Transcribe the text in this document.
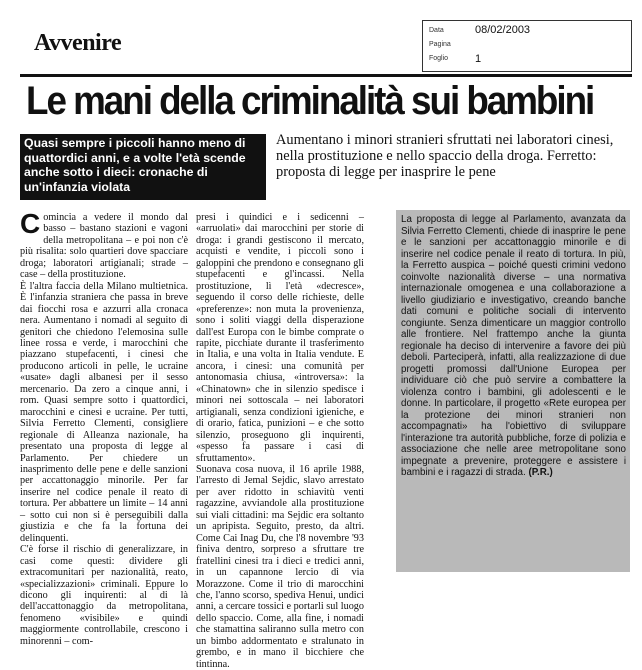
Avvenire	Data	08/02/2003
Pagina
Foglio 1
Le mani della criminalità sui bambini
Quasi sempre i piccoli hanno meno di quattordici anni, e a volte l'età scende anche sotto i dieci: cronache di un'infanzia violata
Aumentano i minori stranieri sfruttati nei laboratori cinesi, nella prostituzione e nello spaccio della droga. Ferretto: proposta di legge per inasprire le pene
C omincia a vedere il mondo dal basso – bastano stazioni e vagoni della metropolitana – e poi non c'è più risalita: solo quartieri dove spacciare droga; laboratori artigianali; strade – case – della prostituzione.

È l'altra faccia della Milano multietnica. È l'infanzia straniera che passa in breve dai fiocchi rosa e azzurri alla cronaca nera. Aumentano i nomadi al seguito di genitori che chiedono l'elemosina sulle linee rossa e verde, i marocchini che piazzano stupefacenti, i cinesi che producono articoli in pelle, le ucraine «usate» dagli albanesi per il sesso mercenario. Da zero a cinque anni, i rom. Quasi sempre sotto i quattordici, marocchini e cinesi e ucraine. Per tutti, Silvia Ferretto Clementi, consigliere regionale di Alleanza nazionale, ha presentato una proposta di legge al Parlamento. Per chiedere un inasprimento delle pene e delle sanzioni per accattonaggio minorile. Per far inserire nel codice penale il reato di tortura. Per abbattere un limite – 14 anni – sotto cui non si è perseguibili dalla giustizia e che fa la fortuna dei delinquenti.

C'è forse il rischio di generalizzare, in casi come questi: dividere gli extracomunitari per nazionalità, reato, «specializzazioni» criminali. Eppure lo dicono gli inquirenti: al di là dell'accattonaggio da metropolitana, fenomeno «visibile» e quindi maggiormente controllabile, crescono i minorenni – com-

presi i quindici e i sedicenni – «arruolati» dai marocchini per storie di droga: i grandi gestiscono il mercato, acquisti e vendite, i piccoli sono i galoppini che prendono e consegnano gli stupefacenti e gl'incassi. Nella prostituzione, lì l'età «decresce», seguendo il corso delle richieste, delle «preferenze»: non muta la provenienza, sono i soliti viaggi della disperazione dall'est Europa con le bimbe comprate o rapite, picchiate durante il trasferimento in Italia, e una volta in Italia vendute. E ancora, i cinesi: una comunità per antonomasia chiusa, «introversa»: la «Chinatown» che in silenzio spedisce i minori nei sottoscala – nei laboratori artigianali, senza condizioni igieniche, e di orario, fatica, punizioni – e che sotto silenzio, proseguono gli inquirenti, «spesso fa passare i casi di sfruttamento».

Suonava cosa nuova, il 16 aprile 1988, l'arresto di Jemal Sejdic, slavo arrestato per aver ridotto in schiavitù venti ragazzine, avviandole alla prostituzione sui viali cittadini: ma Sejdic era soltanto un apripista. Seguito, presto, da altri. Come Cai Inag Du, che l'8 novembre '93 finiva dentro, sorpreso a sfruttare tre fratellini cinesi tra i dieci e tredici anni, in un capannone lercio di via Morazzone. Come il trio di marocchini che, l'anno scorso, spediva Henui, undici anni, a cercare tossici e portarli sul luogo dello spaccio. Come, alla fine, i nomadi che stamattina saliranno sulla metro con un bimbo addormentato e stralunato in grembo, e in mano il bicchiere che tintinna.

La proposta di legge al Parlamento, avanzata da Silvia Ferretto Clementi, chiede di inasprire le pene e le sanzioni per accattonaggio minorile e di inserire nel codice penale il reato di tortura. In più, la Ferretto auspica – poiché questi crimini vedono coinvolte nazionalità diverse – una normativa internazionale omogenea e una collaborazione a livello giudiziario e investigativo, creando banche dati comuni e politiche sociali di intervento congiunte. Senza dimenticare un maggior controllo alle frontiere. Nel frattempo anche la giunta regionale ha deciso di intervenire a favore dei più deboli. Parteciperà, infatti, alla realizzazione di due progetti promossi dall'Unione Europea per individuare ciò che può servire a combattere la violenza contro i bambini, gli adolescenti e le donne. In particolare, il progetto «Rete europea per la protezione dei minori stranieri non accompagnati» ha l'obiettivo di sviluppare l'interazione tra autorità pubbliche, forze di polizia e associazione che nelle aree metropolitane sono impegnate a prevenire, proteggere e assistere i bambini e i ragazzi di strada. (P.R.)
